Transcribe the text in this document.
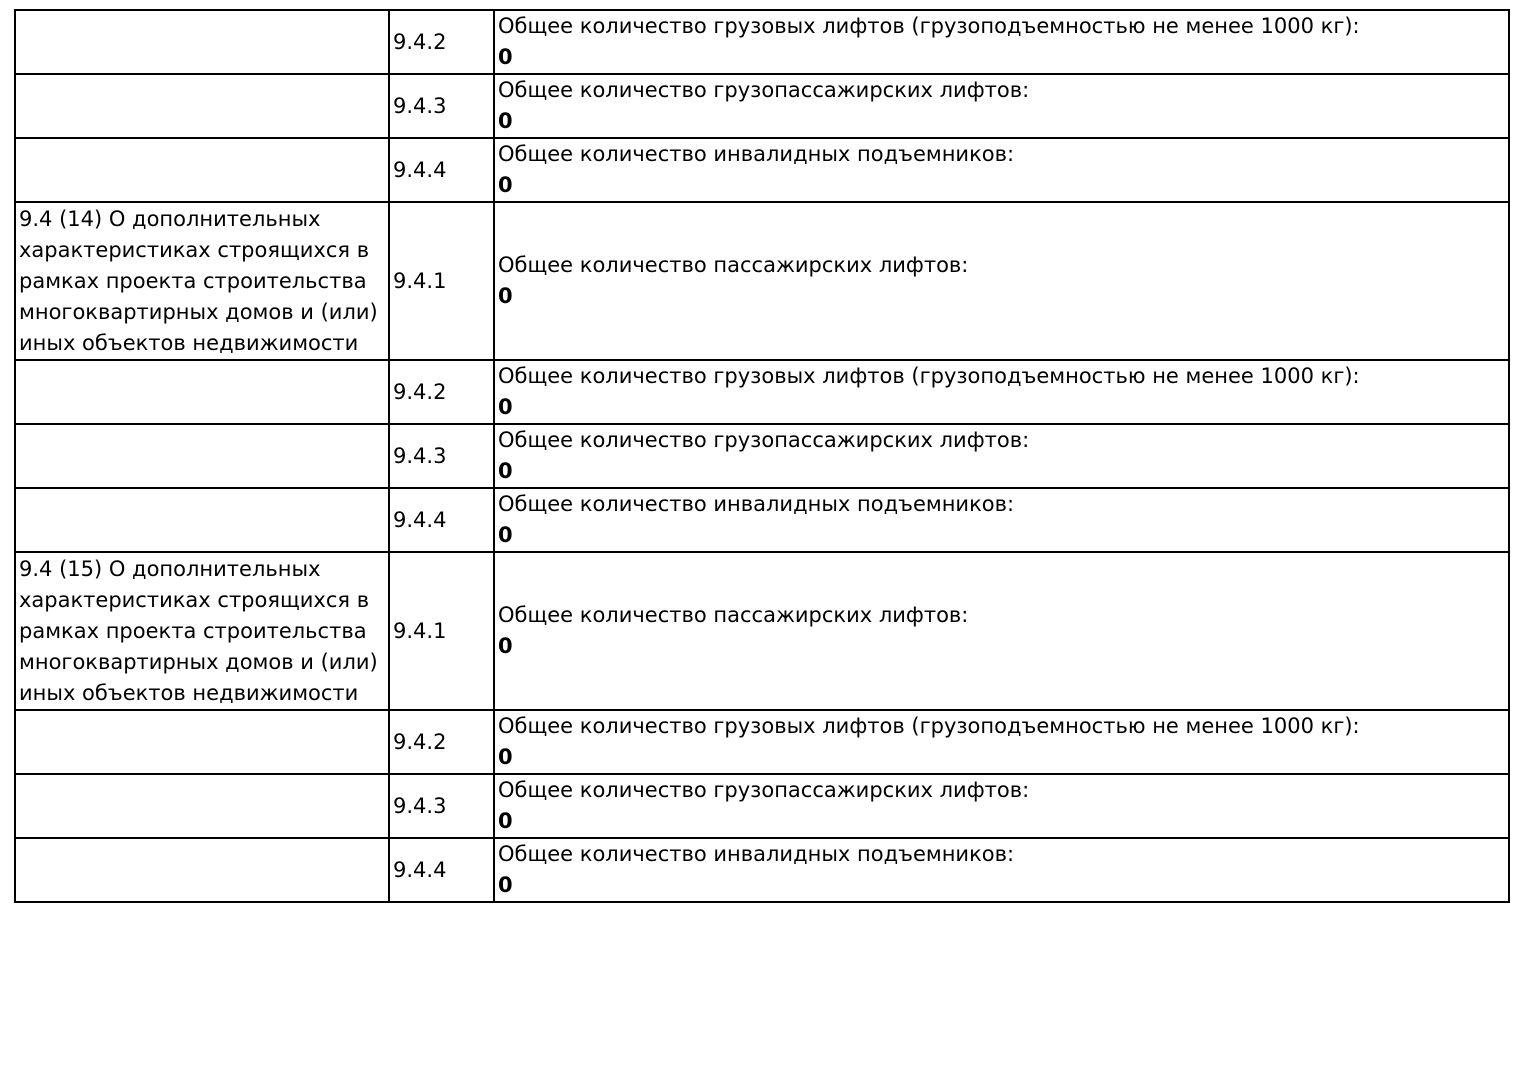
	9.4.2	Общее количество грузовых лифтов (грузоподъемностью не менее 1000 кг):
0

	9.4.3	Общее количество грузопассажирских лифтов:
0

	9.4.4	Общее количество инвалидных подъемников:
0

9.4 (14) О дополнительных характеристиках строящихся в рамках проекта строительства многоквартирных домов и (или) иных объектов недвижимости	9.4.1	Общее количество пассажирских лифтов:
0

	9.4.2	Общее количество грузовых лифтов (грузоподъемностью не менее 1000 кг):
0

	9.4.3	Общее количество грузопассажирских лифтов:
0

	9.4.4	Общее количество инвалидных подъемников:
0

9.4 (15) О дополнительных характеристиках строящихся в рамках проекта строительства многоквартирных домов и (или) иных объектов недвижимости	9.4.1	Общее количество пассажирских лифтов:
0

	9.4.2	Общее количество грузовых лифтов (грузоподъемностью не менее 1000 кг):
0

	9.4.3	Общее количество грузопассажирских лифтов:
0

	9.4.4	Общее количество инвалидных подъемников:
0
